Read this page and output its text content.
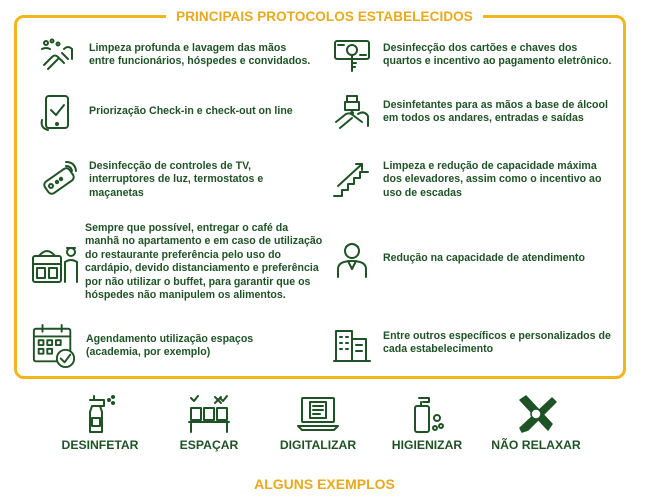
PRINCIPAIS PROTOCOLOS ESTABELECIDOS
Limpeza profunda e lavagem das mãos entre funcionários, hóspedes e convidados.
Priorização Check-in e check-out on line
Desinfecção de controles de TV, interruptores de luz, termostatos e maçanetas
Sempre que possível, entregar o café da manhã no apartamento e em caso de utilização do restaurante preferência pelo uso do cardápio, devido distanciamento e preferência por não utilizar o buffet, para garantir que os hóspedes não manipulem os alimentos.
Agendamento utilização espaços (academia, por exemplo)
Desinfecção dos cartões e chaves dos quartos e incentivo ao pagamento eletrônico.
Desinfetantes para as mãos a base de álcool em todos os andares, entradas e saídas
Limpeza e redução de capacidade máxima dos elevadores, assim como o incentivo ao uso de escadas
Redução na capacidade de atendimento
Entre outros específicos e personalizados de cada estabelecimento
DESINFETAR	ESPAÇAR	DIGITALIZAR	HIGIENIZAR	NÃO RELAXAR
ALGUNS EXEMPLOS
